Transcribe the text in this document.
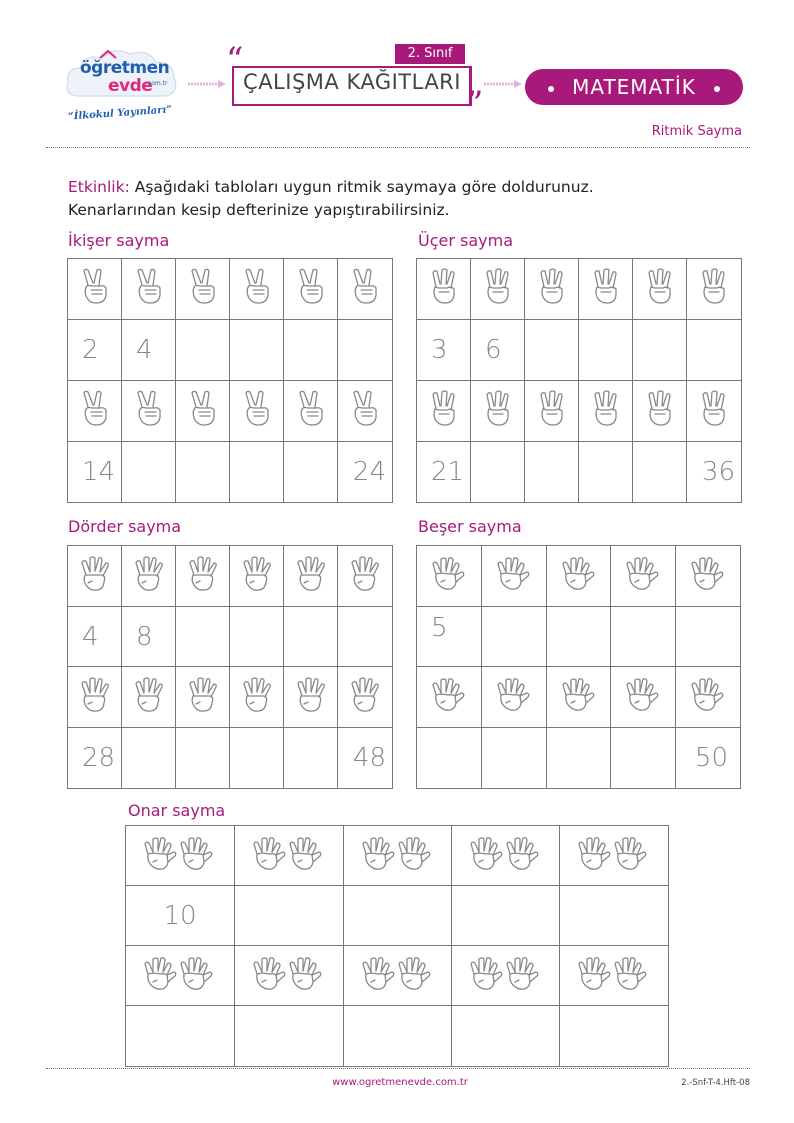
öğretmen
evde
.com.tr
“İlkokul Yayınları”
2. Sınıf
“
”
ÇALIŞMA KAĞITLARI	MATEMATİK
Ritmik Sayma
Etkinlik: Aşağıdaki tabloları uygun ritmik saymaya göre doldurunuz. Kenarlarından kesip defterinize yapıştırabilirsiniz.
İkişer sayma

2	4				

14					24
Üçer sayma

3	6				

21					36
Dörder sayma

4	8				

28					48
Beşer sayma

5				

				50
Onar sayma

10				

www.ogretmenevde.com.tr	2.-Snf-T-4.Hft-08
